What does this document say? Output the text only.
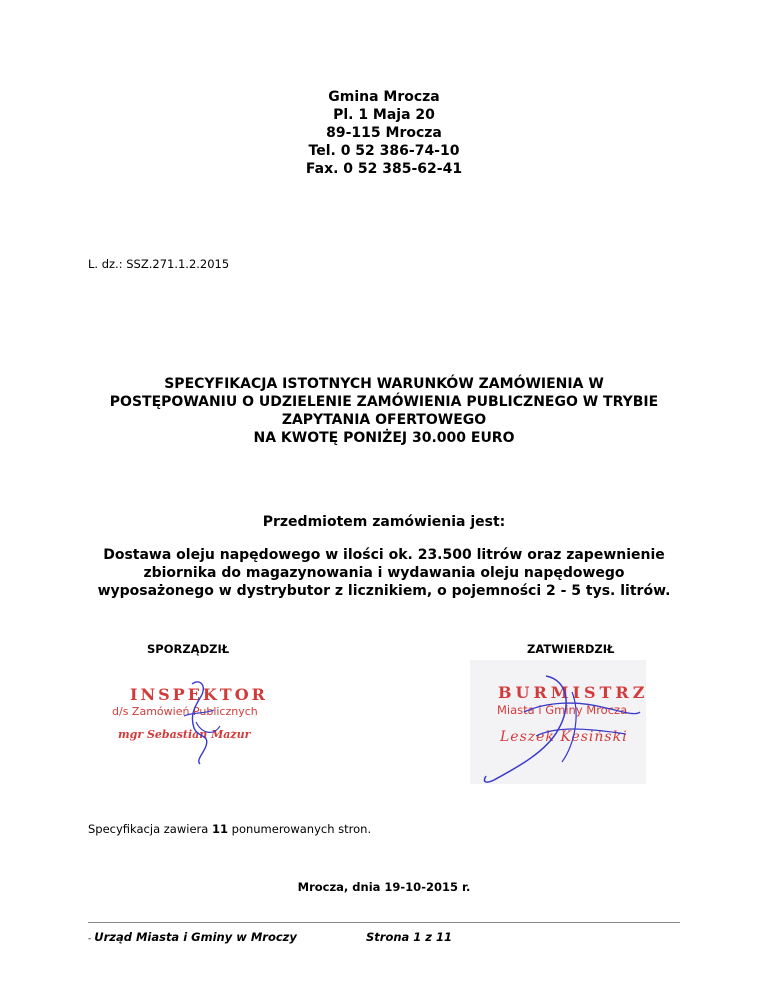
Gmina Mrocza
Pl. 1 Maja 20
89-115 Mrocza
Tel. 0 52 386-74-10
Fax. 0 52 385-62-41
L. dz.: SSZ.271.1.2.2015
SPECYFIKACJA ISTOTNYCH WARUNKÓW ZAMÓWIENIA W
POSTĘPOWANIU O UDZIELENIE ZAMÓWIENIA PUBLICZNEGO W TRYBIE
ZAPYTANIA OFERTOWEGO
NA KWOTĘ PONIŻEJ 30.000 EURO
Przedmiotem zamówienia jest:
Dostawa oleju napędowego w ilości ok. 23.500 litrów oraz zapewnienie
zbiornika do magazynowania i wydawania oleju napędowego
wyposażonego w dystrybutor z licznikiem, o pojemności 2 - 5 tys. litrów.
SPORZĄDZIŁ	ZATWIERDZIŁ
INSPEKTOR
d/s Zamówień Publicznych
mgr Sebastian Mazur
BURMISTRZ
Miasta i Gminy Mrocza
Leszek Kesiński
Specyfikacja zawiera 11 ponumerowanych stron.
Mrocza, dnia 19-10-2015 r.
- Urząd Miasta i Gminy w Mroczy	Strona 1 z 11
